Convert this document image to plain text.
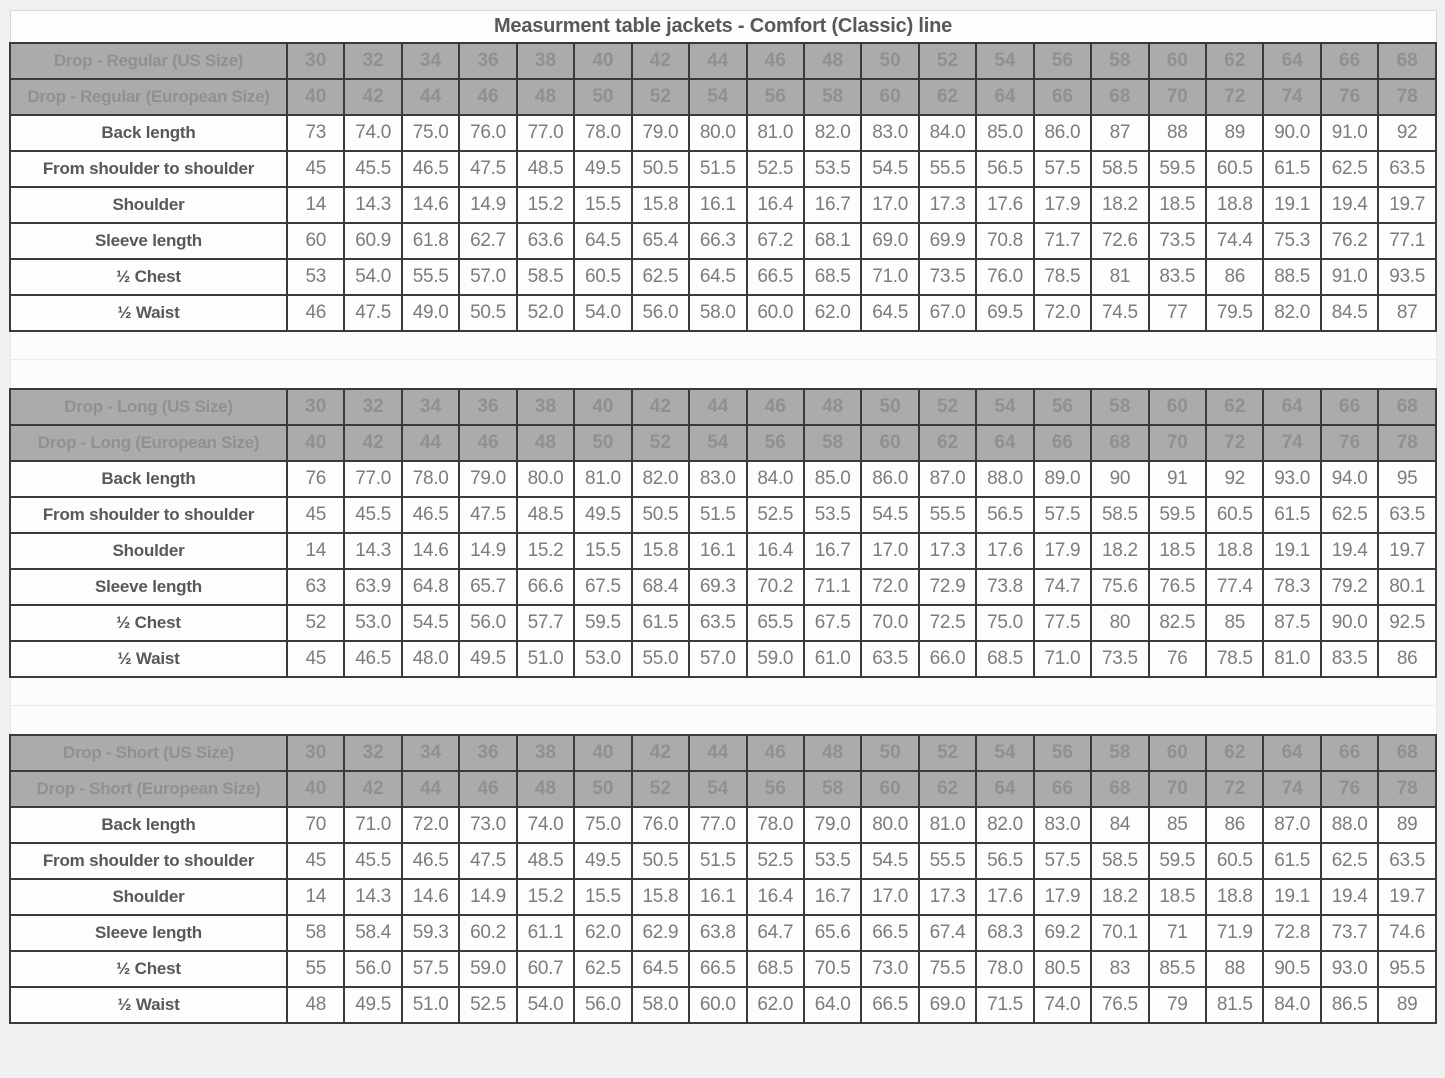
Measurment table jackets - Comfort (Classic) line																				
Drop - Regular (US Size)	30	32	34	36	38	40	42	44	46	48	50	52	54	56	58	60	62	64	66	68
Drop - Regular (European Size)	40	42	44	46	48	50	52	54	56	58	60	62	64	66	68	70	72	74	76	78
Back length	73	74.0	75.0	76.0	77.0	78.0	79.0	80.0	81.0	82.0	83.0	84.0	85.0	86.0	87	88	89	90.0	91.0	92
From shoulder to shoulder	45	45.5	46.5	47.5	48.5	49.5	50.5	51.5	52.5	53.5	54.5	55.5	56.5	57.5	58.5	59.5	60.5	61.5	62.5	63.5
Shoulder	14	14.3	14.6	14.9	15.2	15.5	15.8	16.1	16.4	16.7	17.0	17.3	17.6	17.9	18.2	18.5	18.8	19.1	19.4	19.7
Sleeve length	60	60.9	61.8	62.7	63.6	64.5	65.4	66.3	67.2	68.1	69.0	69.9	70.8	71.7	72.6	73.5	74.4	75.3	76.2	77.1
½ Chest	53	54.0	55.5	57.0	58.5	60.5	62.5	64.5	66.5	68.5	71.0	73.5	76.0	78.5	81	83.5	86	88.5	91.0	93.5
½ Waist	46	47.5	49.0	50.5	52.0	54.0	56.0	58.0	60.0	62.0	64.5	67.0	69.5	72.0	74.5	77	79.5	82.0	84.5	87

Drop - Long (US Size)	30	32	34	36	38	40	42	44	46	48	50	52	54	56	58	60	62	64	66	68
Drop - Long (European Size)	40	42	44	46	48	50	52	54	56	58	60	62	64	66	68	70	72	74	76	78
Back length	76	77.0	78.0	79.0	80.0	81.0	82.0	83.0	84.0	85.0	86.0	87.0	88.0	89.0	90	91	92	93.0	94.0	95
From shoulder to shoulder	45	45.5	46.5	47.5	48.5	49.5	50.5	51.5	52.5	53.5	54.5	55.5	56.5	57.5	58.5	59.5	60.5	61.5	62.5	63.5
Shoulder	14	14.3	14.6	14.9	15.2	15.5	15.8	16.1	16.4	16.7	17.0	17.3	17.6	17.9	18.2	18.5	18.8	19.1	19.4	19.7
Sleeve length	63	63.9	64.8	65.7	66.6	67.5	68.4	69.3	70.2	71.1	72.0	72.9	73.8	74.7	75.6	76.5	77.4	78.3	79.2	80.1
½ Chest	52	53.0	54.5	56.0	57.7	59.5	61.5	63.5	65.5	67.5	70.0	72.5	75.0	77.5	80	82.5	85	87.5	90.0	92.5
½ Waist	45	46.5	48.0	49.5	51.0	53.0	55.0	57.0	59.0	61.0	63.5	66.0	68.5	71.0	73.5	76	78.5	81.0	83.5	86

Drop - Short (US Size)	30	32	34	36	38	40	42	44	46	48	50	52	54	56	58	60	62	64	66	68
Drop - Short (European Size)	40	42	44	46	48	50	52	54	56	58	60	62	64	66	68	70	72	74	76	78
Back length	70	71.0	72.0	73.0	74.0	75.0	76.0	77.0	78.0	79.0	80.0	81.0	82.0	83.0	84	85	86	87.0	88.0	89
From shoulder to shoulder	45	45.5	46.5	47.5	48.5	49.5	50.5	51.5	52.5	53.5	54.5	55.5	56.5	57.5	58.5	59.5	60.5	61.5	62.5	63.5
Shoulder	14	14.3	14.6	14.9	15.2	15.5	15.8	16.1	16.4	16.7	17.0	17.3	17.6	17.9	18.2	18.5	18.8	19.1	19.4	19.7
Sleeve length	58	58.4	59.3	60.2	61.1	62.0	62.9	63.8	64.7	65.6	66.5	67.4	68.3	69.2	70.1	71	71.9	72.8	73.7	74.6
½ Chest	55	56.0	57.5	59.0	60.7	62.5	64.5	66.5	68.5	70.5	73.0	75.5	78.0	80.5	83	85.5	88	90.5	93.0	95.5
½ Waist	48	49.5	51.0	52.5	54.0	56.0	58.0	60.0	62.0	64.0	66.5	69.0	71.5	74.0	76.5	79	81.5	84.0	86.5	89
